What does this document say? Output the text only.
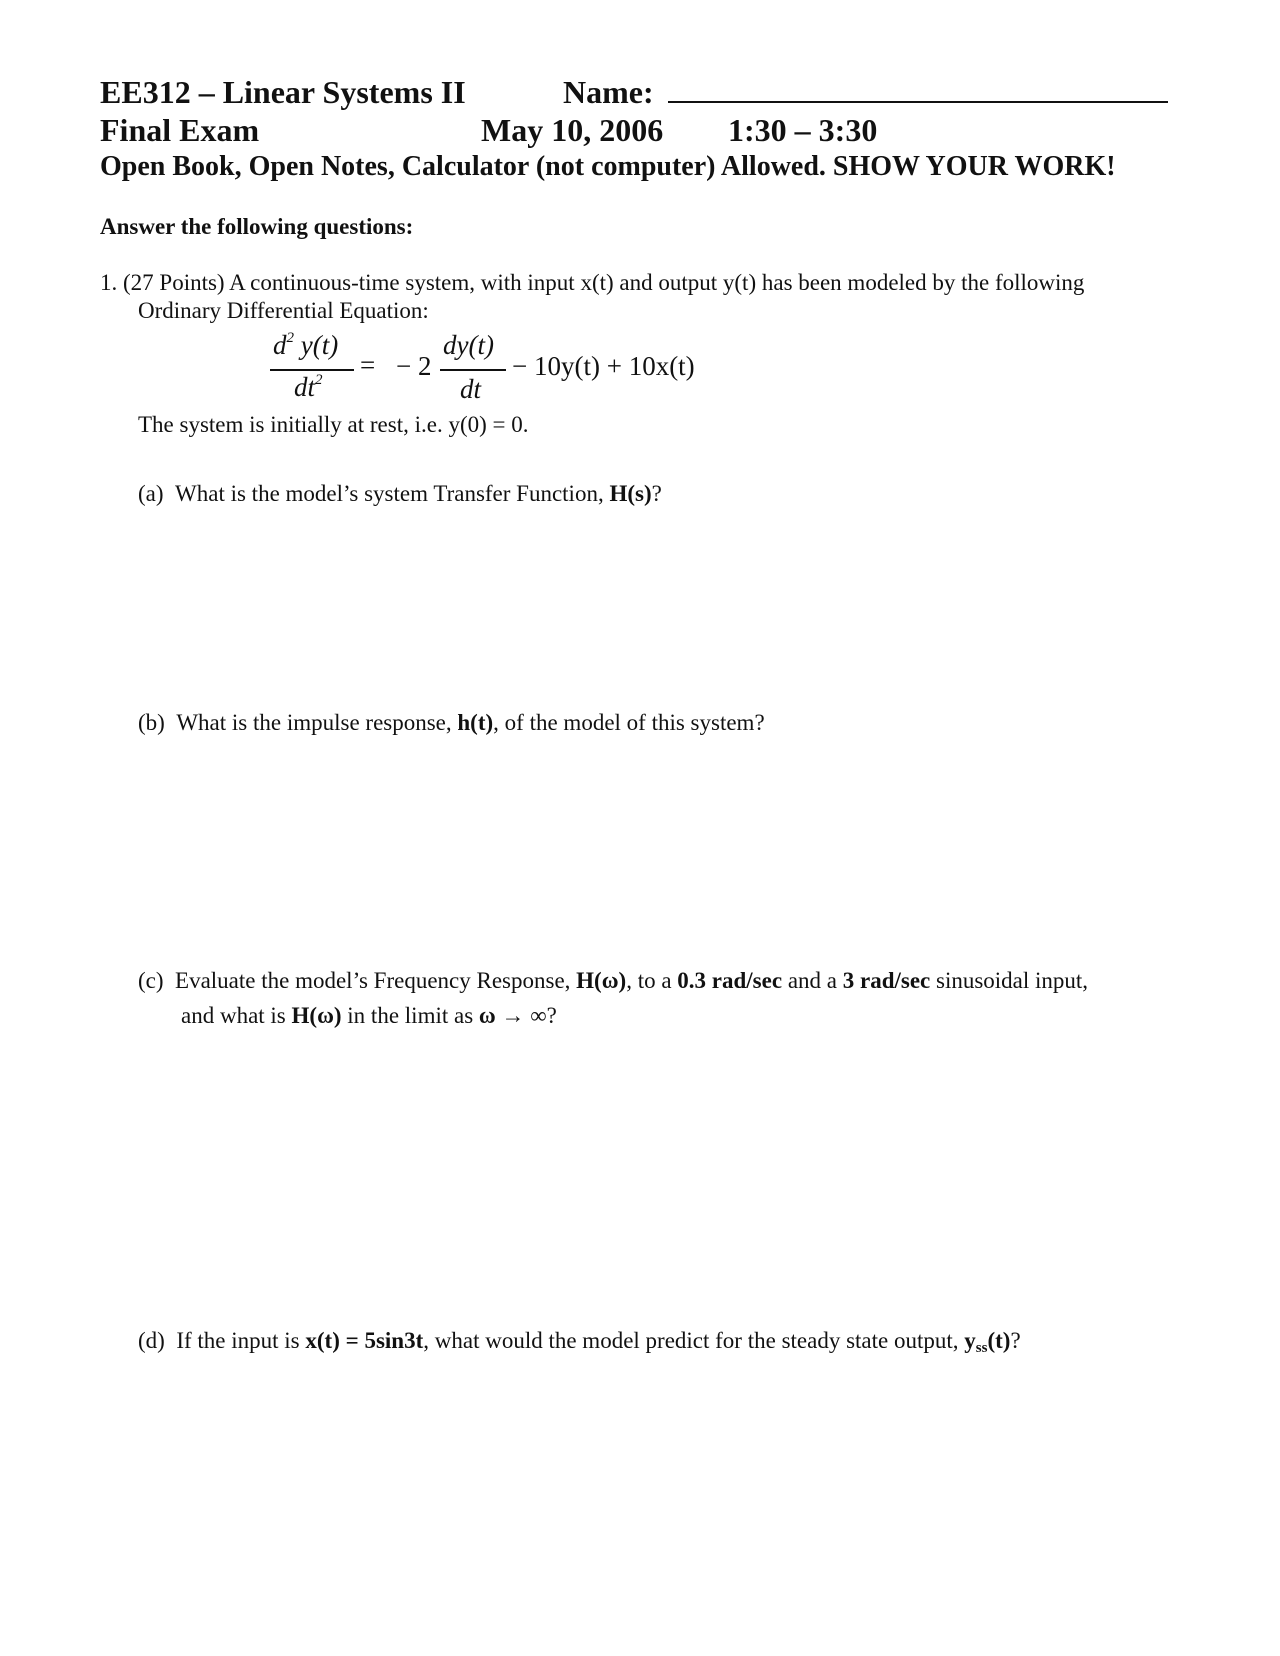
EE312 – Linear Systems II	Name:
Final Exam	May 10, 2006 1:30 – 3:30
Open Book, Open Notes, Calculator (not computer) Allowed. SHOW YOUR WORK!
Answer the following questions:
1. (27 Points) A continuous-time system, with input x(t) and output y(t) has been modeled by the following
Ordinary Differential Equation:
$d^2$ y(t)
$dt^2$ = − 2
dy(t)
dt
− 10y(t) + 10x(t)
The system is initially at rest, i.e. y(0) = 0.
(a) What is the model’s system Transfer Function, H(s)?
(b) What is the impulse response, h(t), of the model of this system?
(c) Evaluate the model’s Frequency Response, H(ω), to a 0.3 rad/sec and a 3 rad/sec sinusoidal input,
and what is H(ω) in the limit as ω → ∞?
(d) If the input is x(t) = 5sin3t, what would the model predict for the steady state output, $y_{ss}(t)$?
